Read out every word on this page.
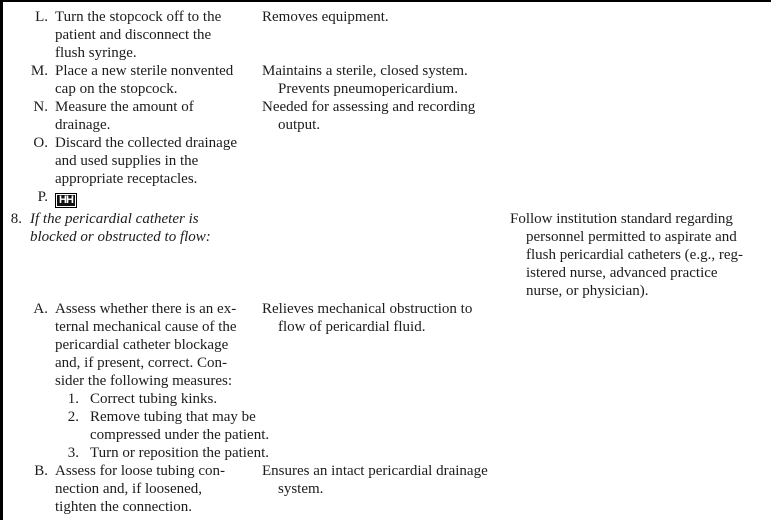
L. Turn the stopcock off to the
patient and disconnect the
flush syringe.
Removes equipment.
M. Place a new sterile nonvented
cap on the stopcock.
Maintains a sterile, closed system.
Prevents pneumopericardium.
N. Measure the amount of
drainage.
Needed for assessing and recording
output.
O. Discard the collected drainage
and used supplies in the
appropriate receptacles.
P. HH
8. If the pericardial catheter is
blocked or obstructed to flow:
Follow institution standard regarding
personnel permitted to aspirate and
flush pericardial catheters (e.g., reg-
istered nurse, advanced practice
nurse, or physician).
A. Assess whether there is an ex-
ternal mechanical cause of the
pericardial catheter blockage
and, if present, correct. Con-
sider the following measures:
1. Correct tubing kinks.
2. Remove tubing that may be
compressed under the patient.
3. Turn or reposition the patient.
Relieves mechanical obstruction to
flow of pericardial fluid.
B. Assess for loose tubing con-
nection and, if loosened,
tighten the connection.
Ensures an intact pericardial drainage
system.
